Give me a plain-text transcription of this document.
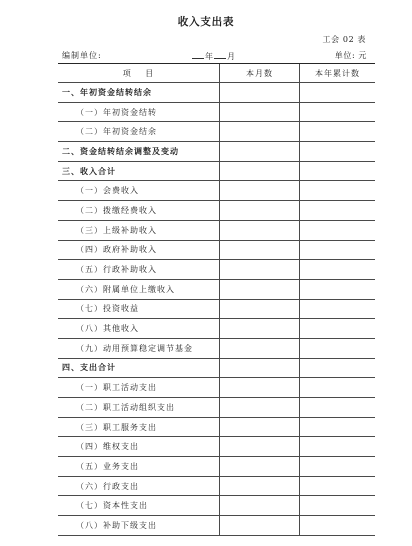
收入支出表
工会 02 表
编制单位:	年 月	单位: 元
项 目	本月数	本年累计数
一、年初资金结转结余
（一）年初资金结转
（二）年初资金结余
二、资金结转结余调整及变动
三、收入合计
（一）会费收入
（二）拨缴经费收入
（三）上级补助收入
（四）政府补助收入
（五）行政补助收入
（六）附属单位上缴收入
（七）投资收益
（八）其他收入
（九）动用预算稳定调节基金
四、支出合计
（一）职工活动支出
（二）职工活动组织支出
（三）职工服务支出
（四）维权支出
（五）业务支出
（六）行政支出
（七）资本性支出
（八）补助下级支出
